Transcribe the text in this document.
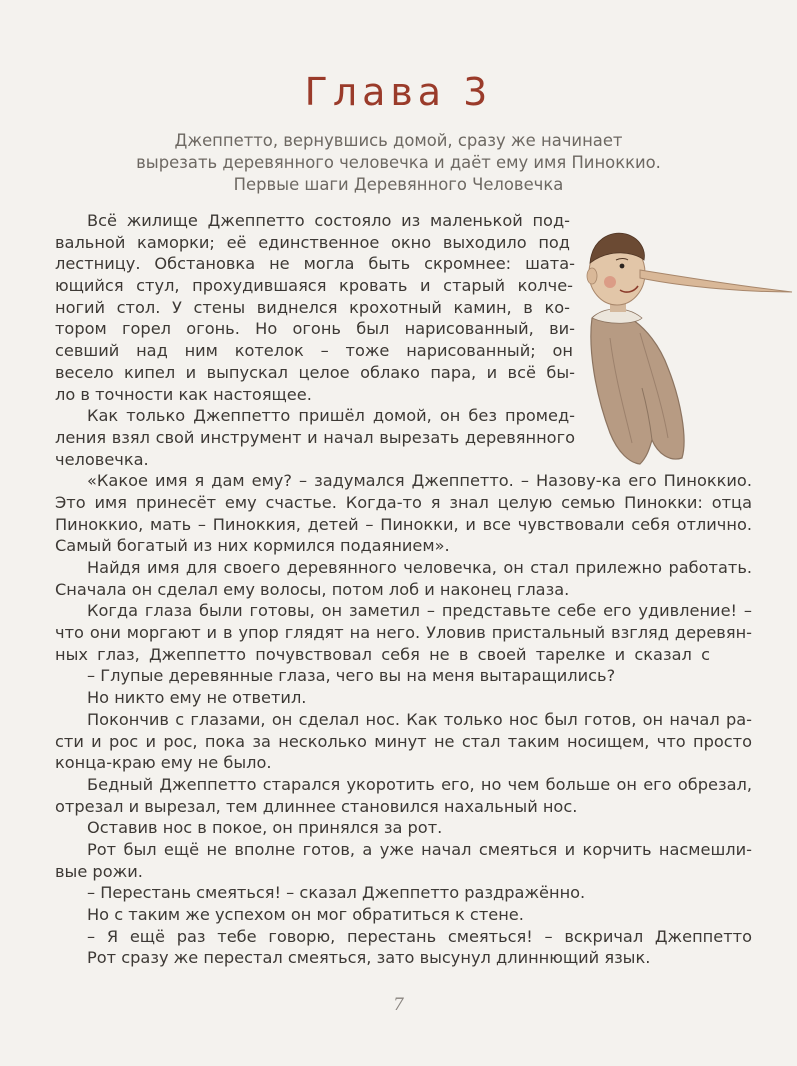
Глава 3

Джеппетто, вернувшись домой, сразу же начинает
вырезать деревянного человечка и даёт ему имя Пиноккио.
Первые шаги Деревянного Человечка

Всё жилище Джеппетто состояло из маленькой под-
вальной каморки; её единственное окно выходило под
лестницу. Обстановка не могла быть скромнее: шата-
ющийся стул, прохудившаяся кровать и старый колче-
ногий стол. У стены виднелся крохотный камин, в ко-
тором горел огонь. Но огонь был нарисованный, ви-
севший над ним котелок – тоже нарисованный; он
весело кипел и выпускал целое облако пара, и всё бы-
ло в точности как настоящее.
Как только Джеппетто пришёл домой, он без промед-
ления взял свой инструмент и начал вырезать деревянного
человечка.
«Какое имя я дам ему? – задумался Джеппетто. – Назову-ка его Пиноккио.
Это имя принесёт ему счастье. Когда-то я знал целую семью Пинокки: отца
Пиноккио, мать – Пиноккия, детей – Пинокки, и все чувствовали себя отлично.
Самый богатый из них кормился подаянием».
Найдя имя для своего деревянного человечка, он стал прилежно работать.
Сначала он сделал ему волосы, потом лоб и наконец глаза.
Когда глаза были готовы, он заметил – представьте себе его удивление! –
что они моргают и в упор глядят на него. Уловив пристальный взгляд деревян-
ных глаз, Джеппетто почувствовал себя не в своей тарелке и сказал с
– Глупые деревянные глаза, чего вы на меня вытаращились?
Но никто ему не ответил.
Покончив с глазами, он сделал нос. Как только нос был готов, он начал ра-
сти и рос и рос, пока за несколько минут не стал таким носищем, что просто
конца-краю ему не было.
Бедный Джеппетто старался укоротить его, но чем больше он его обрезал,
отрезал и вырезал, тем длиннее становился нахальный нос.
Оставив нос в покое, он принялся за рот.
Рот был ещё не вполне готов, а уже начал смеяться и корчить насмешли-
вые рожи.
– Перестань смеяться! – сказал Джеппетто раздражённо.
Но с таким же успехом он мог обратиться к стене.
– Я ещё раз тебе говорю, перестань смеяться! – вскричал Джеппетто
Рот сразу же перестал смеяться, зато высунул длиннющий язык.
7
